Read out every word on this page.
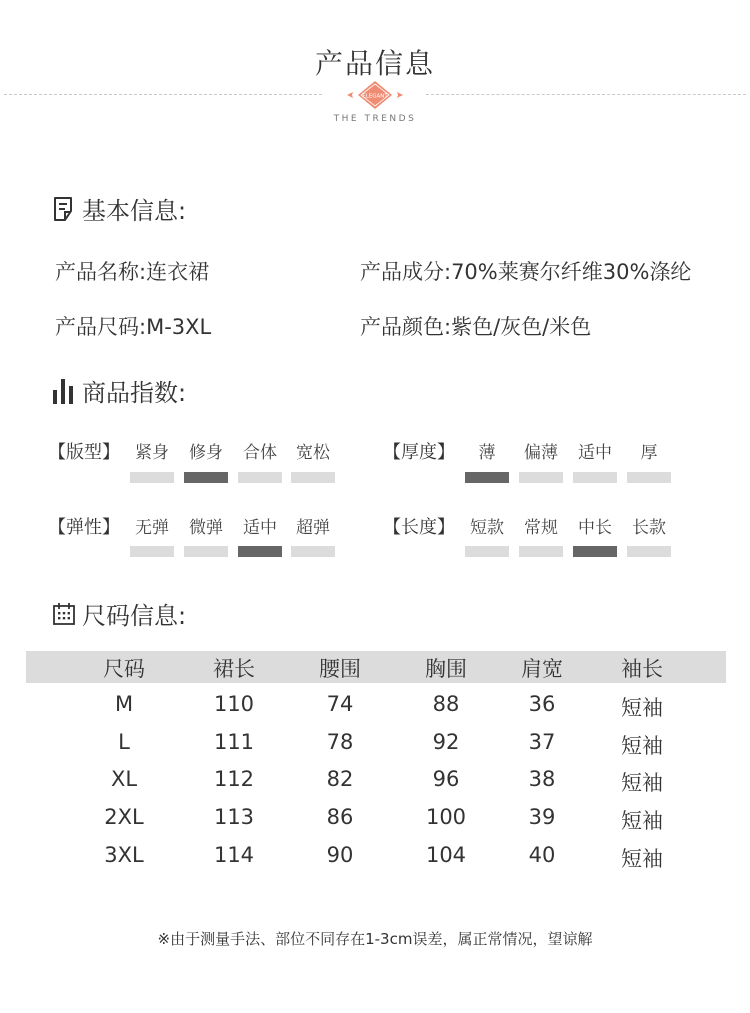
产品信息
ELEGANT
THE TRENDS
基本信息:
产品名称:连衣裙	产品成分:70%莱赛尔纤维30%涤纶
产品尺码:M-3XL	产品颜色:紫色/灰色/米色
商品指数:
【版型】 紧身 修身 合体 宽松	【厚度】	薄	偏薄 适中	厚
【弹性】 无弹 微弹 适中 超弹	【长度】 短款 常规 中长 长款
尺码信息:
尺码	裙长	腰围	胸围	肩宽	袖长
M	110	74	88	36	短袖
L	111	78	92	37	短袖
XL	112	82	96	38	短袖
2XL	113	86	100	39	短袖
3XL	114	90	104	40	短袖
※由于测量手法、部位不同存在1-3cm误差，属正常情况，望谅解
